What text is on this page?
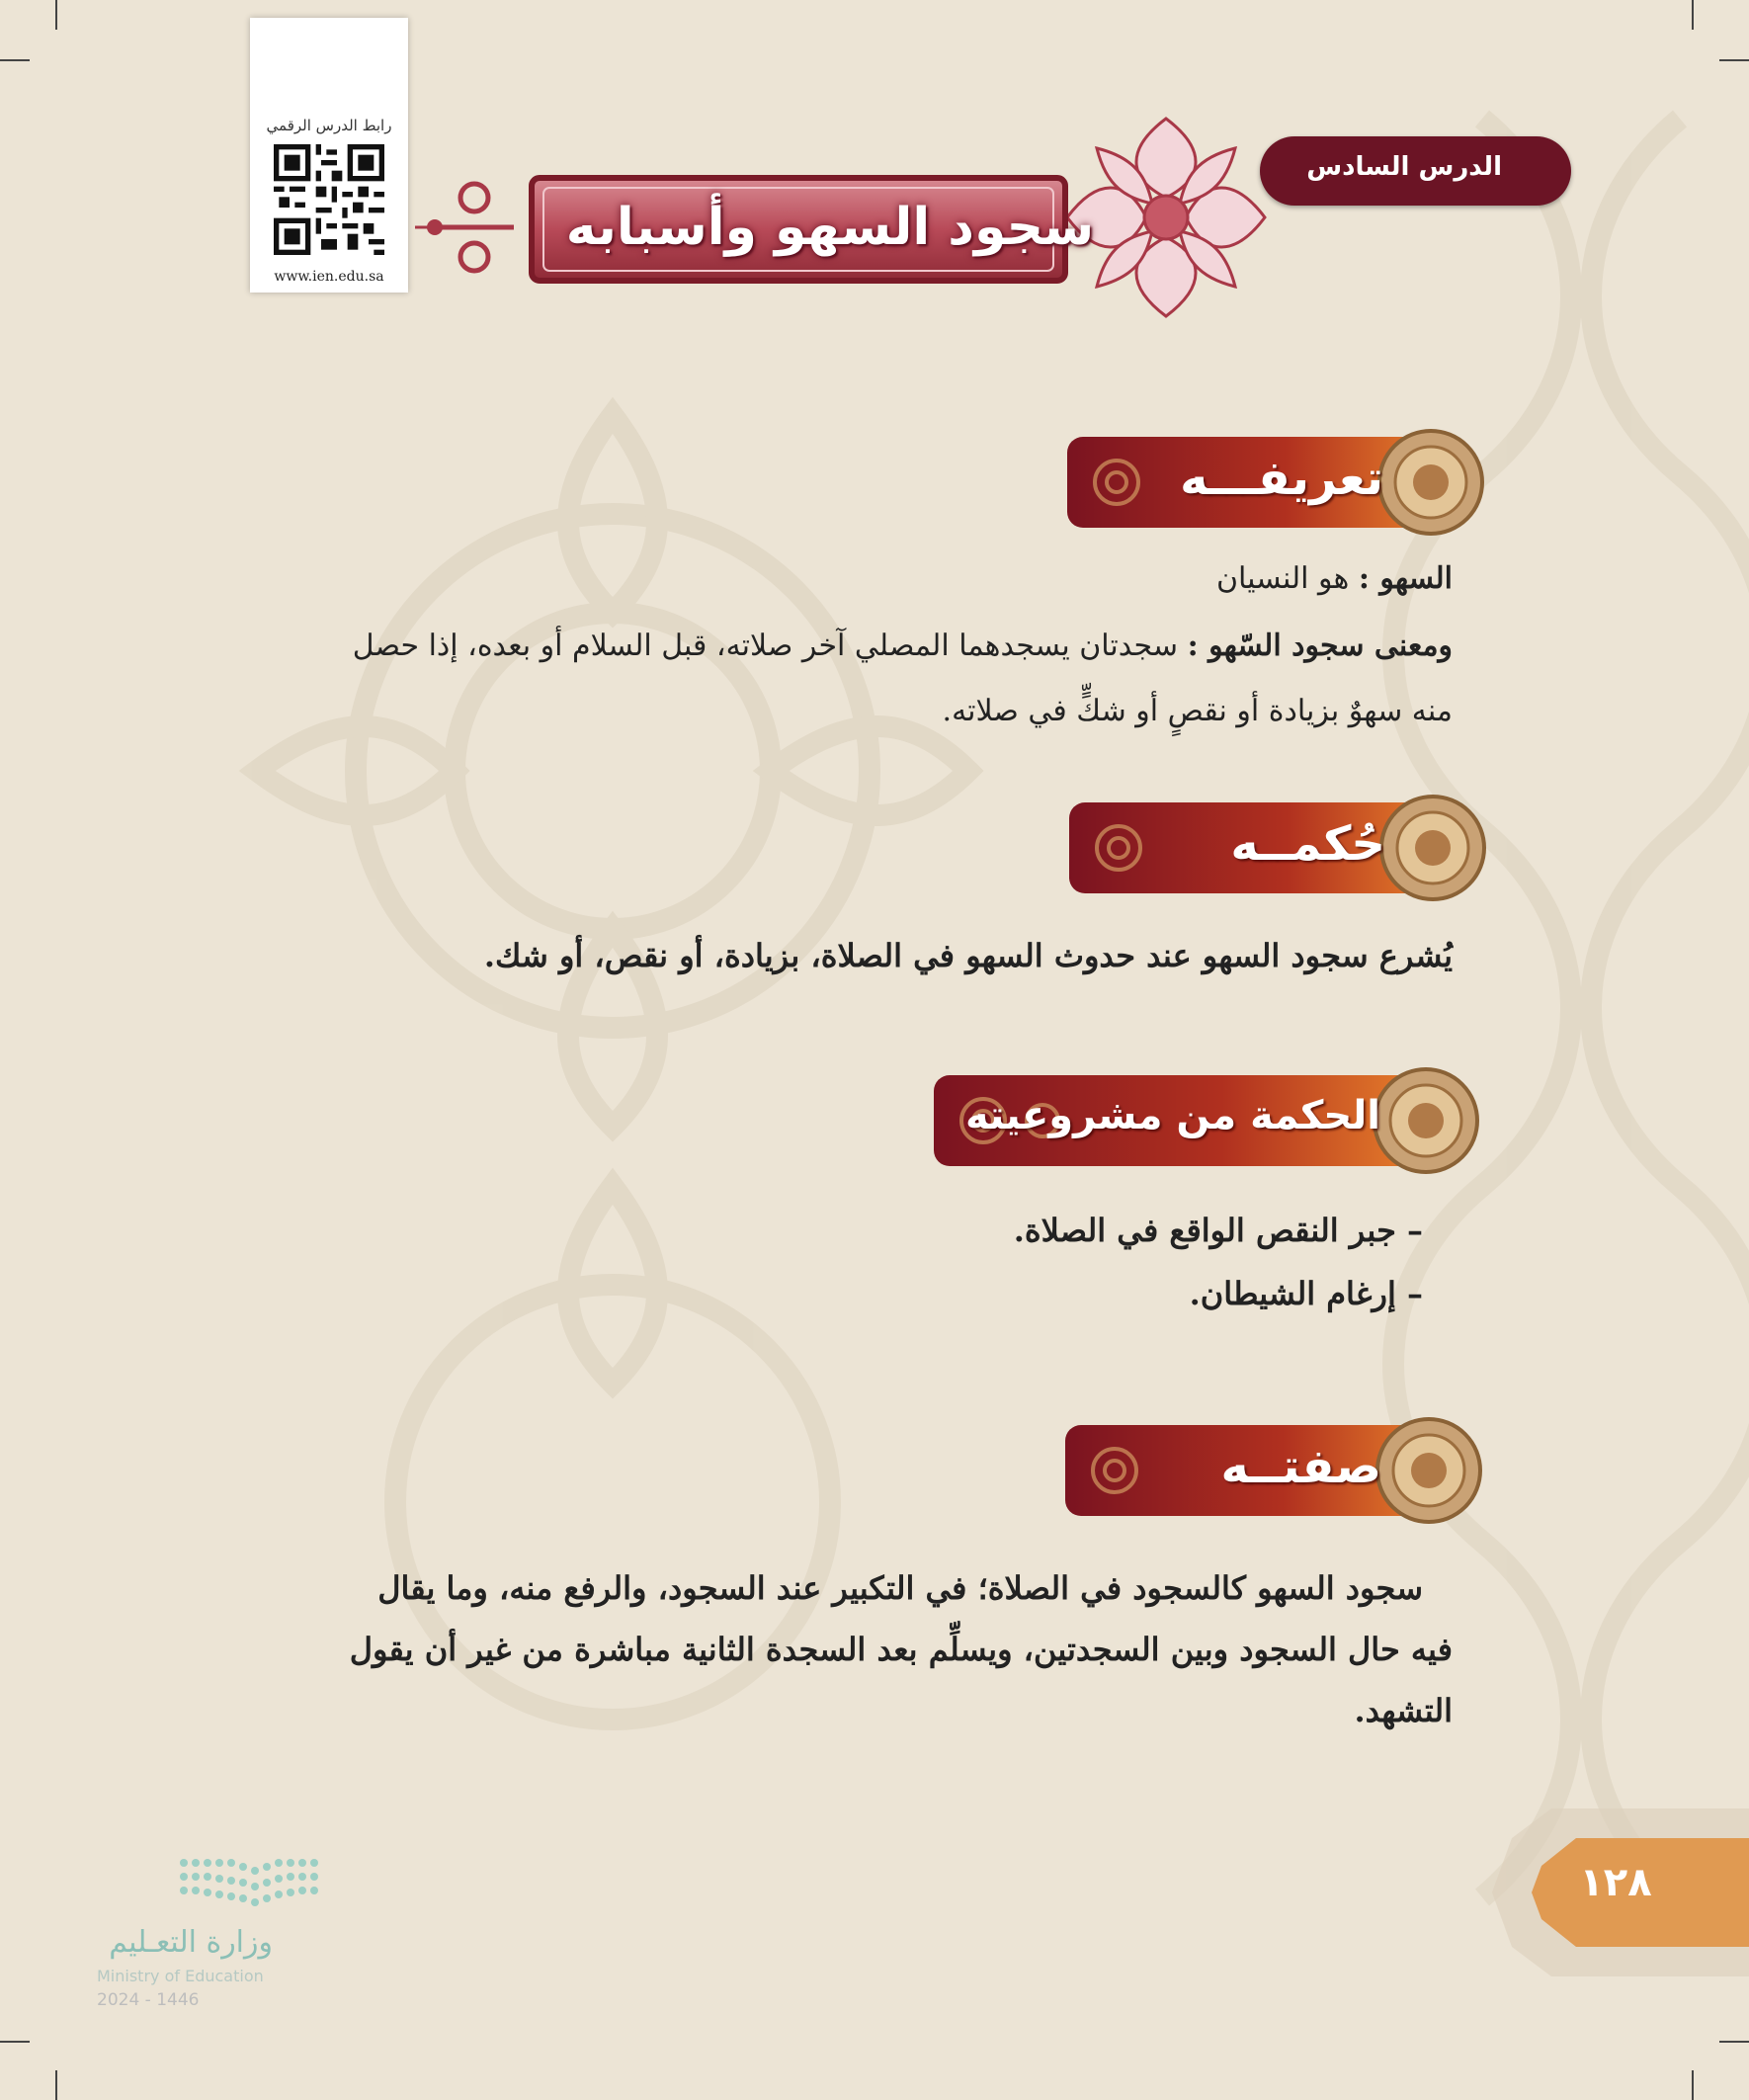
رابط الدرس الرقمي
www.ien.edu.sa
الدرس السادس
سجود السهو وأسبابه
تعريفـــه
السهو : هو النسيان
ومعنى سجود السّهو : سجدتان يسجدهما المصلي آخر صلاته، قبل السلام أو بعده، إذا حصل
منه سهوٌ بزيادة أو نقصٍ أو شكٍّ في صلاته.
حُكمــه
يُشرع سجود السهو عند حدوث السهو في الصلاة، بزيادة، أو نقص، أو شك.
الحكمة من مشروعيته
– جبر النقص الواقع في الصلاة.
– إرغام الشيطان.
صفتــه
سجود السهو كالسجود في الصلاة؛ في التكبير عند السجود، والرفع منه، وما يقال
فيه حال السجود وبين السجدتين، ويسلِّم بعد السجدة الثانية مباشرة من غير أن يقول
التشهد.
١٢٨
وزارة التعـليم
Ministry of Education
2024 - 1446
